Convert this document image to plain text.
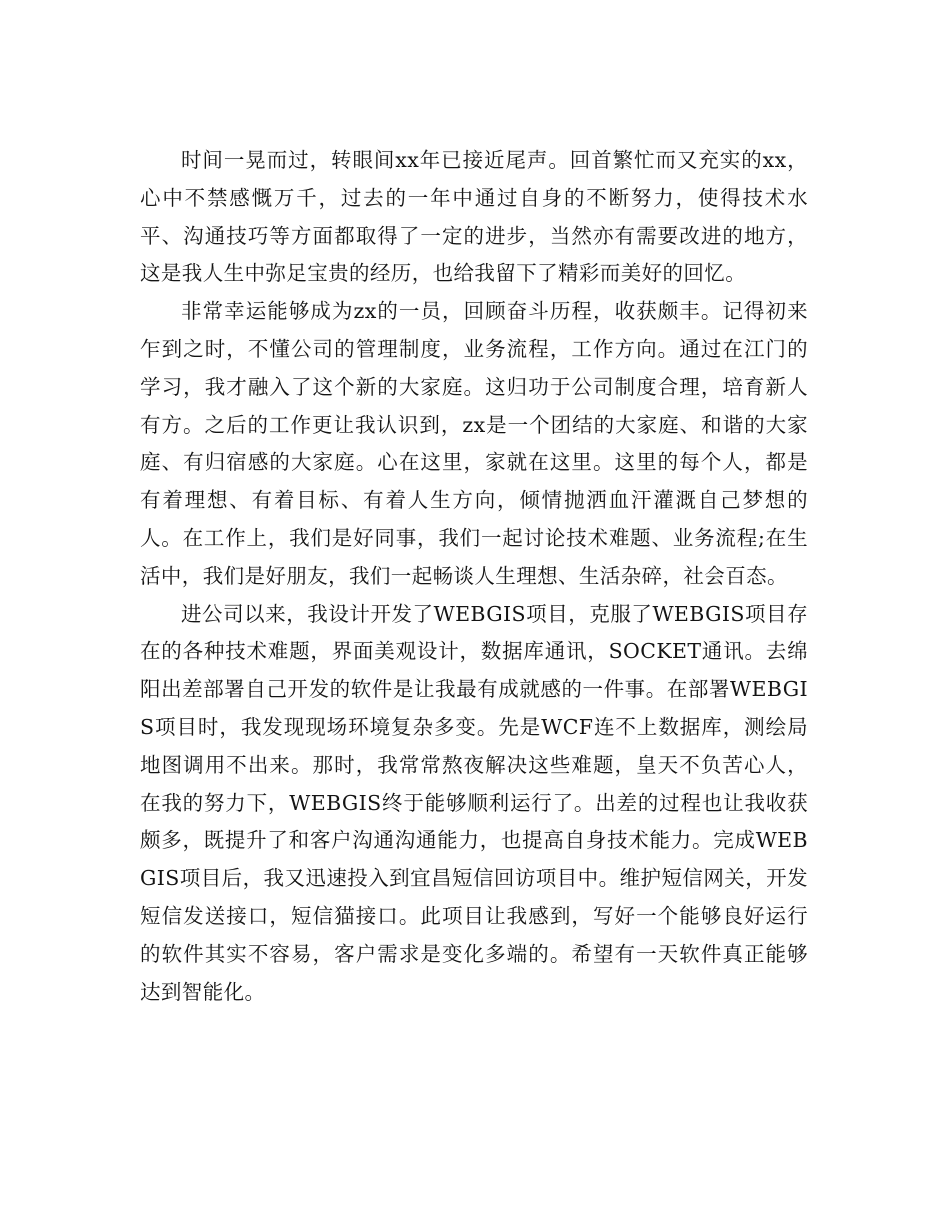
时间一晃而过，转眼间xx年已接近尾声。回首繁忙而又充实的xx，心中不禁感慨万千，过去的一年中通过自身的不断努力，使得技术水平、沟通技巧等方面都取得了一定的进步，当然亦有需要改进的地方，这是我人生中弥足宝贵的经历，也给我留下了精彩而美好的回忆。

非常幸运能够成为zx的一员，回顾奋斗历程，收获颇丰。记得初来乍到之时，不懂公司的管理制度，业务流程，工作方向。通过在江门的学习，我才融入了这个新的大家庭。这归功于公司制度合理，培育新人有方。之后的工作更让我认识到，zx是一个团结的大家庭、和谐的大家庭、有归宿感的大家庭。心在这里，家就在这里。这里的每个人，都是有着理想、有着目标、有着人生方向，倾情抛洒血汗灌溉自己梦想的人。在工作上，我们是好同事，我们一起讨论技术难题、业务流程;在生活中，我们是好朋友，我们一起畅谈人生理想、生活杂碎，社会百态。

进公司以来，我设计开发了WEBGIS项目，克服了WEBGIS项目存在的各种技术难题，界面美观设计，数据库通讯，SOCKET通讯。去绵阳出差部署自己开发的软件是让我最有成就感的一件事。在部署WEBGIS项目时，我发现现场环境复杂多变。先是WCF连不上数据库，测绘局地图调用不出来。那时，我常常熬夜解决这些难题，皇天不负苦心人，在我的努力下，WEBGIS终于能够顺利运行了。出差的过程也让我收获颇多，既提升了和客户沟通沟通能力，也提高自身技术能力。完成WEBGIS项目后，我又迅速投入到宜昌短信回访项目中。维护短信网关，开发短信发送接口，短信猫接口。此项目让我感到，写好一个能够良好运行的软件其实不容易，客户需求是变化多端的。希望有一天软件真正能够达到智能化。
